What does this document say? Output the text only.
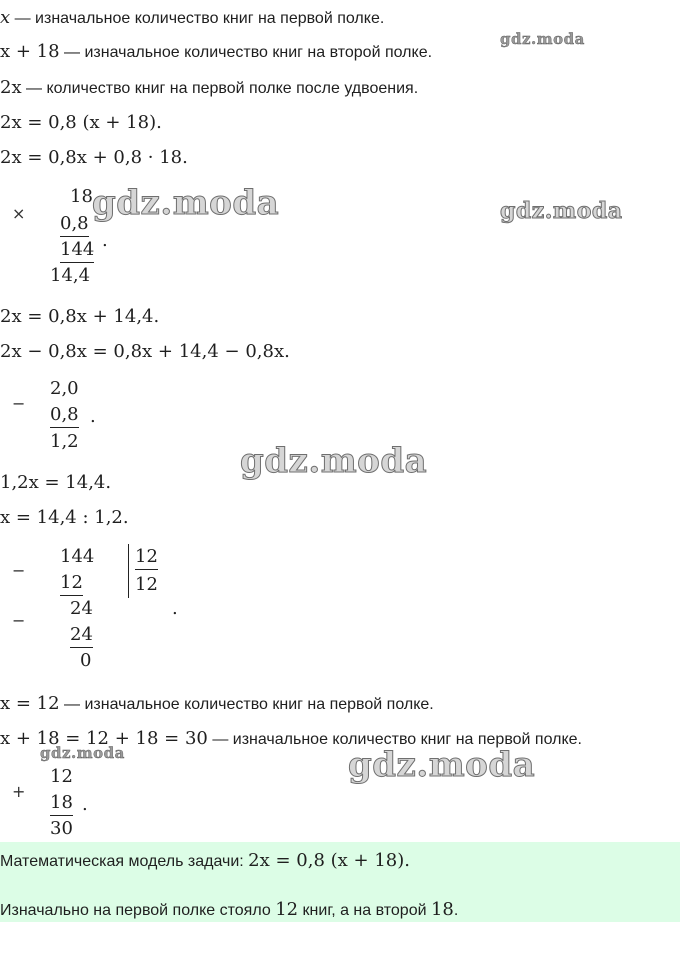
gdz.moda
gdz.moda	gdz.moda
gdz.moda
gdz.moda	gdz.moda
x — изначальное количество книг на первой полке.
x + 18 — изначальное количество книг на второй полке.
2x — количество книг на первой полке после удвоения.
2x = 0,8 (x + 18).
2x = 0,8x + 0,8 · 18.
×
18
0,8
144
14,4
.
2x = 0,8x + 14,4.
2x − 0,8x = 0,8x + 14,4 − 0,8x.
−
2,0
0,8
1,2
.
1,2x = 14,4.
x = 14,4 : 1,2.
−
144
12
12
12
−
24
24
0
.
x = 12 — изначальное количество книг на первой полке.
x + 18 = 12 + 18 = 30 — изначальное количество книг на первой полке.
+
12
18
30
.
Математическая модель задачи: 2x = 0,8 (x + 18).
Изначально на первой полке стояло 12 книг, а на второй 18.
